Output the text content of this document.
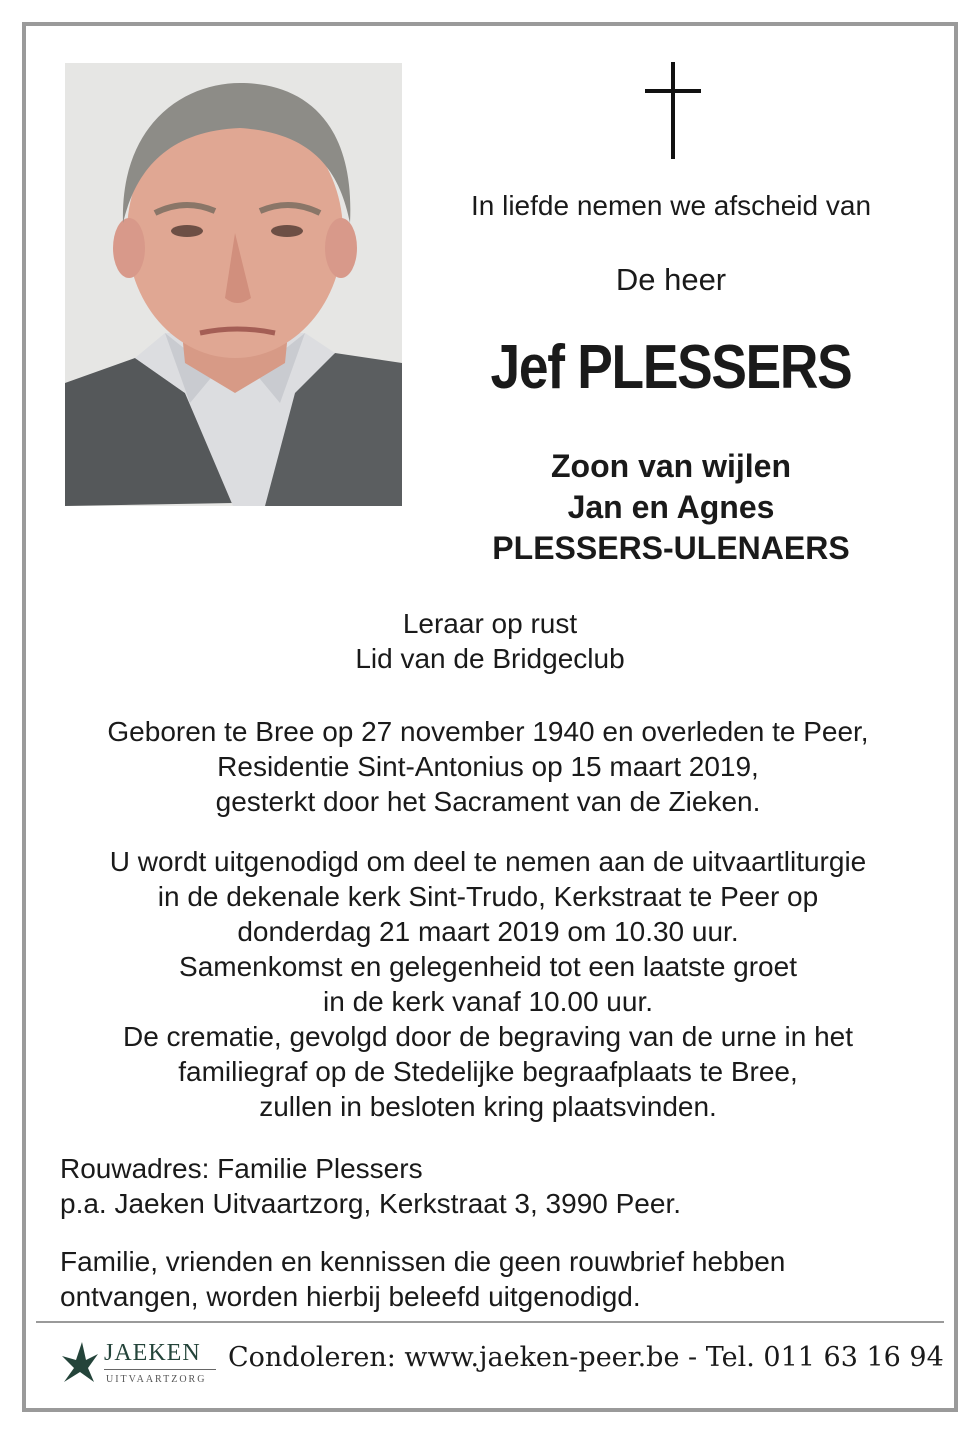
In liefde nemen we afscheid van
De heer
Jef PLESSERS
Zoon van wijlen
Jan en Agnes
PLESSERS-ULENAERS
Leraar op rust
Lid van de Bridgeclub
Geboren te Bree op 27 november 1940 en overleden te Peer,
Residentie Sint-Antonius op 15 maart 2019,
gesterkt door het Sacrament van de Zieken.
U wordt uitgenodigd om deel te nemen aan de uitvaartliturgie
in de dekenale kerk Sint-Trudo, Kerkstraat te Peer op
donderdag 21 maart 2019 om 10.30 uur.
Samenkomst en gelegenheid tot een laatste groet
in de kerk vanaf 10.00 uur.
De crematie, gevolgd door de begraving van de urne in het
familiegraf op de Stedelijke begraafplaats te Bree,
zullen in besloten kring plaatsvinden.
Rouwadres: Familie Plessers
p.a. Jaeken Uitvaartzorg, Kerkstraat 3, 3990 Peer.
Familie, vrienden en kennissen die geen rouwbrief hebben
ontvangen, worden hierbij beleefd uitgenodigd.
JAEKEN
UITVAARTZORG
Condoleren: www.jaeken-peer.be - Tel. 011 63 16 94
